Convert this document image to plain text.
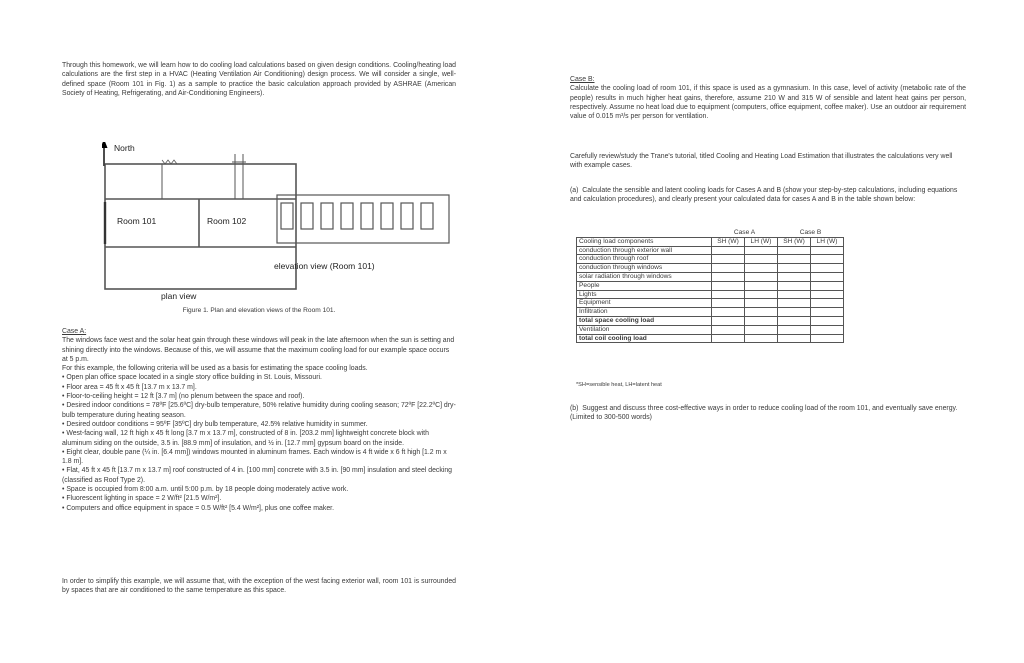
Through this homework, we will learn how to do cooling load calculations based on given design conditions. Cooling/heating load calculations are the first step in a HVAC (Heating Ventilation Air Conditioning) design process. We will consider a single, well-defined space (Room 101 in Fig. 1) as a sample to practice the basic calculation approach provided by ASHRAE (American Society of Heating, Refrigerating, and Air-Conditioning Engineers).

North
Room 101	Room 102
elevation view (Room 101)
plan view

Figure 1. Plan and elevation views of the Room 101.

Case A:

The windows face west and the solar heat gain through these windows will peak in the late afternoon when the sun is setting and shining directly into the windows. Because of this, we will assume that the maximum cooling load for our example space occurs at 5 p.m.

For this example, the following criteria will be used as a basis for estimating the space cooling loads.

• Open plan office space located in a single story office building in St. Louis, Missouri.
• Floor area = 45 ft x 45 ft [13.7 m x 13.7 m].
• Floor-to-ceiling height = 12 ft [3.7 m] (no plenum between the space and roof).
• Desired indoor conditions = 78ºF [25.6ºC] dry-bulb temperature, 50% relative humidity during cooling season; 72ºF [22.2ºC] dry-bulb temperature during heating season.
• Desired outdoor conditions = 95ºF [35ºC] dry bulb temperature, 42.5% relative humidity in summer.
• West-facing wall, 12 ft high x 45 ft long [3.7 m x 13.7 m], constructed of 8 in. [203.2 mm] lightweight concrete block with aluminum siding on the outside, 3.5 in. [88.9 mm] of insulation, and ½ in. [12.7 mm] gypsum board on the inside.
• Eight clear, double pane (¼ in. [6.4 mm]) windows mounted in aluminum frames. Each window is 4 ft wide x 6 ft high [1.2 m x 1.8 m].
• Flat, 45 ft x 45 ft [13.7 m x 13.7 m] roof constructed of 4 in. [100 mm] concrete with 3.5 in. [90 mm] insulation and steel decking (classified as Roof Type 2).
• Space is occupied from 8:00 a.m. until 5:00 p.m. by 18 people doing moderately active work.
• Fluorescent lighting in space = 2 W/ft² [21.5 W/m²].
• Computers and office equipment in space = 0.5 W/ft² [5.4 W/m²], plus one coffee maker.

In order to simplify this example, we will assume that, with the exception of the west facing exterior wall, room 101 is surrounded by spaces that are air conditioned to the same temperature as this space.

Case B:

Calculate the cooling load of room 101, if this space is used as a gymnasium. In this case, level of activity (metabolic rate of the people) results in much higher heat gains, therefore, assume 210 W and 315 W of sensible and latent heat gains per person, respectively. Assume no heat load due to equipment (computers, office equipment, coffee maker). Use an outdoor air requirement value of 0.015 m³/s per person for ventilation.

Carefully review/study the Trane's tutorial, titled Cooling and Heating Load Estimation that illustrates the calculations very well with example cases.

(a) Calculate the sensible and latent cooling loads for Cases A and B (show your step-by-step calculations, including equations and calculation procedures), and clearly present your calculated data for cases A and B in the table shown below:

	Case A		Case B	
Cooling load components	SH (W)	LH (W)	SH (W)	LH (W)
conduction through exterior wall				
conduction through roof				
conduction through windows				
solar radiation through windows				
People				
Lights				
Equipment				
Infiltration				
total space cooling load				
Ventilation				
total coil cooling load				

*SH=sensible heat, LH=latent heat

(b) Suggest and discuss three cost-effective ways in order to reduce cooling load of the room 101, and eventually save energy. (Limited to 300-500 words)
